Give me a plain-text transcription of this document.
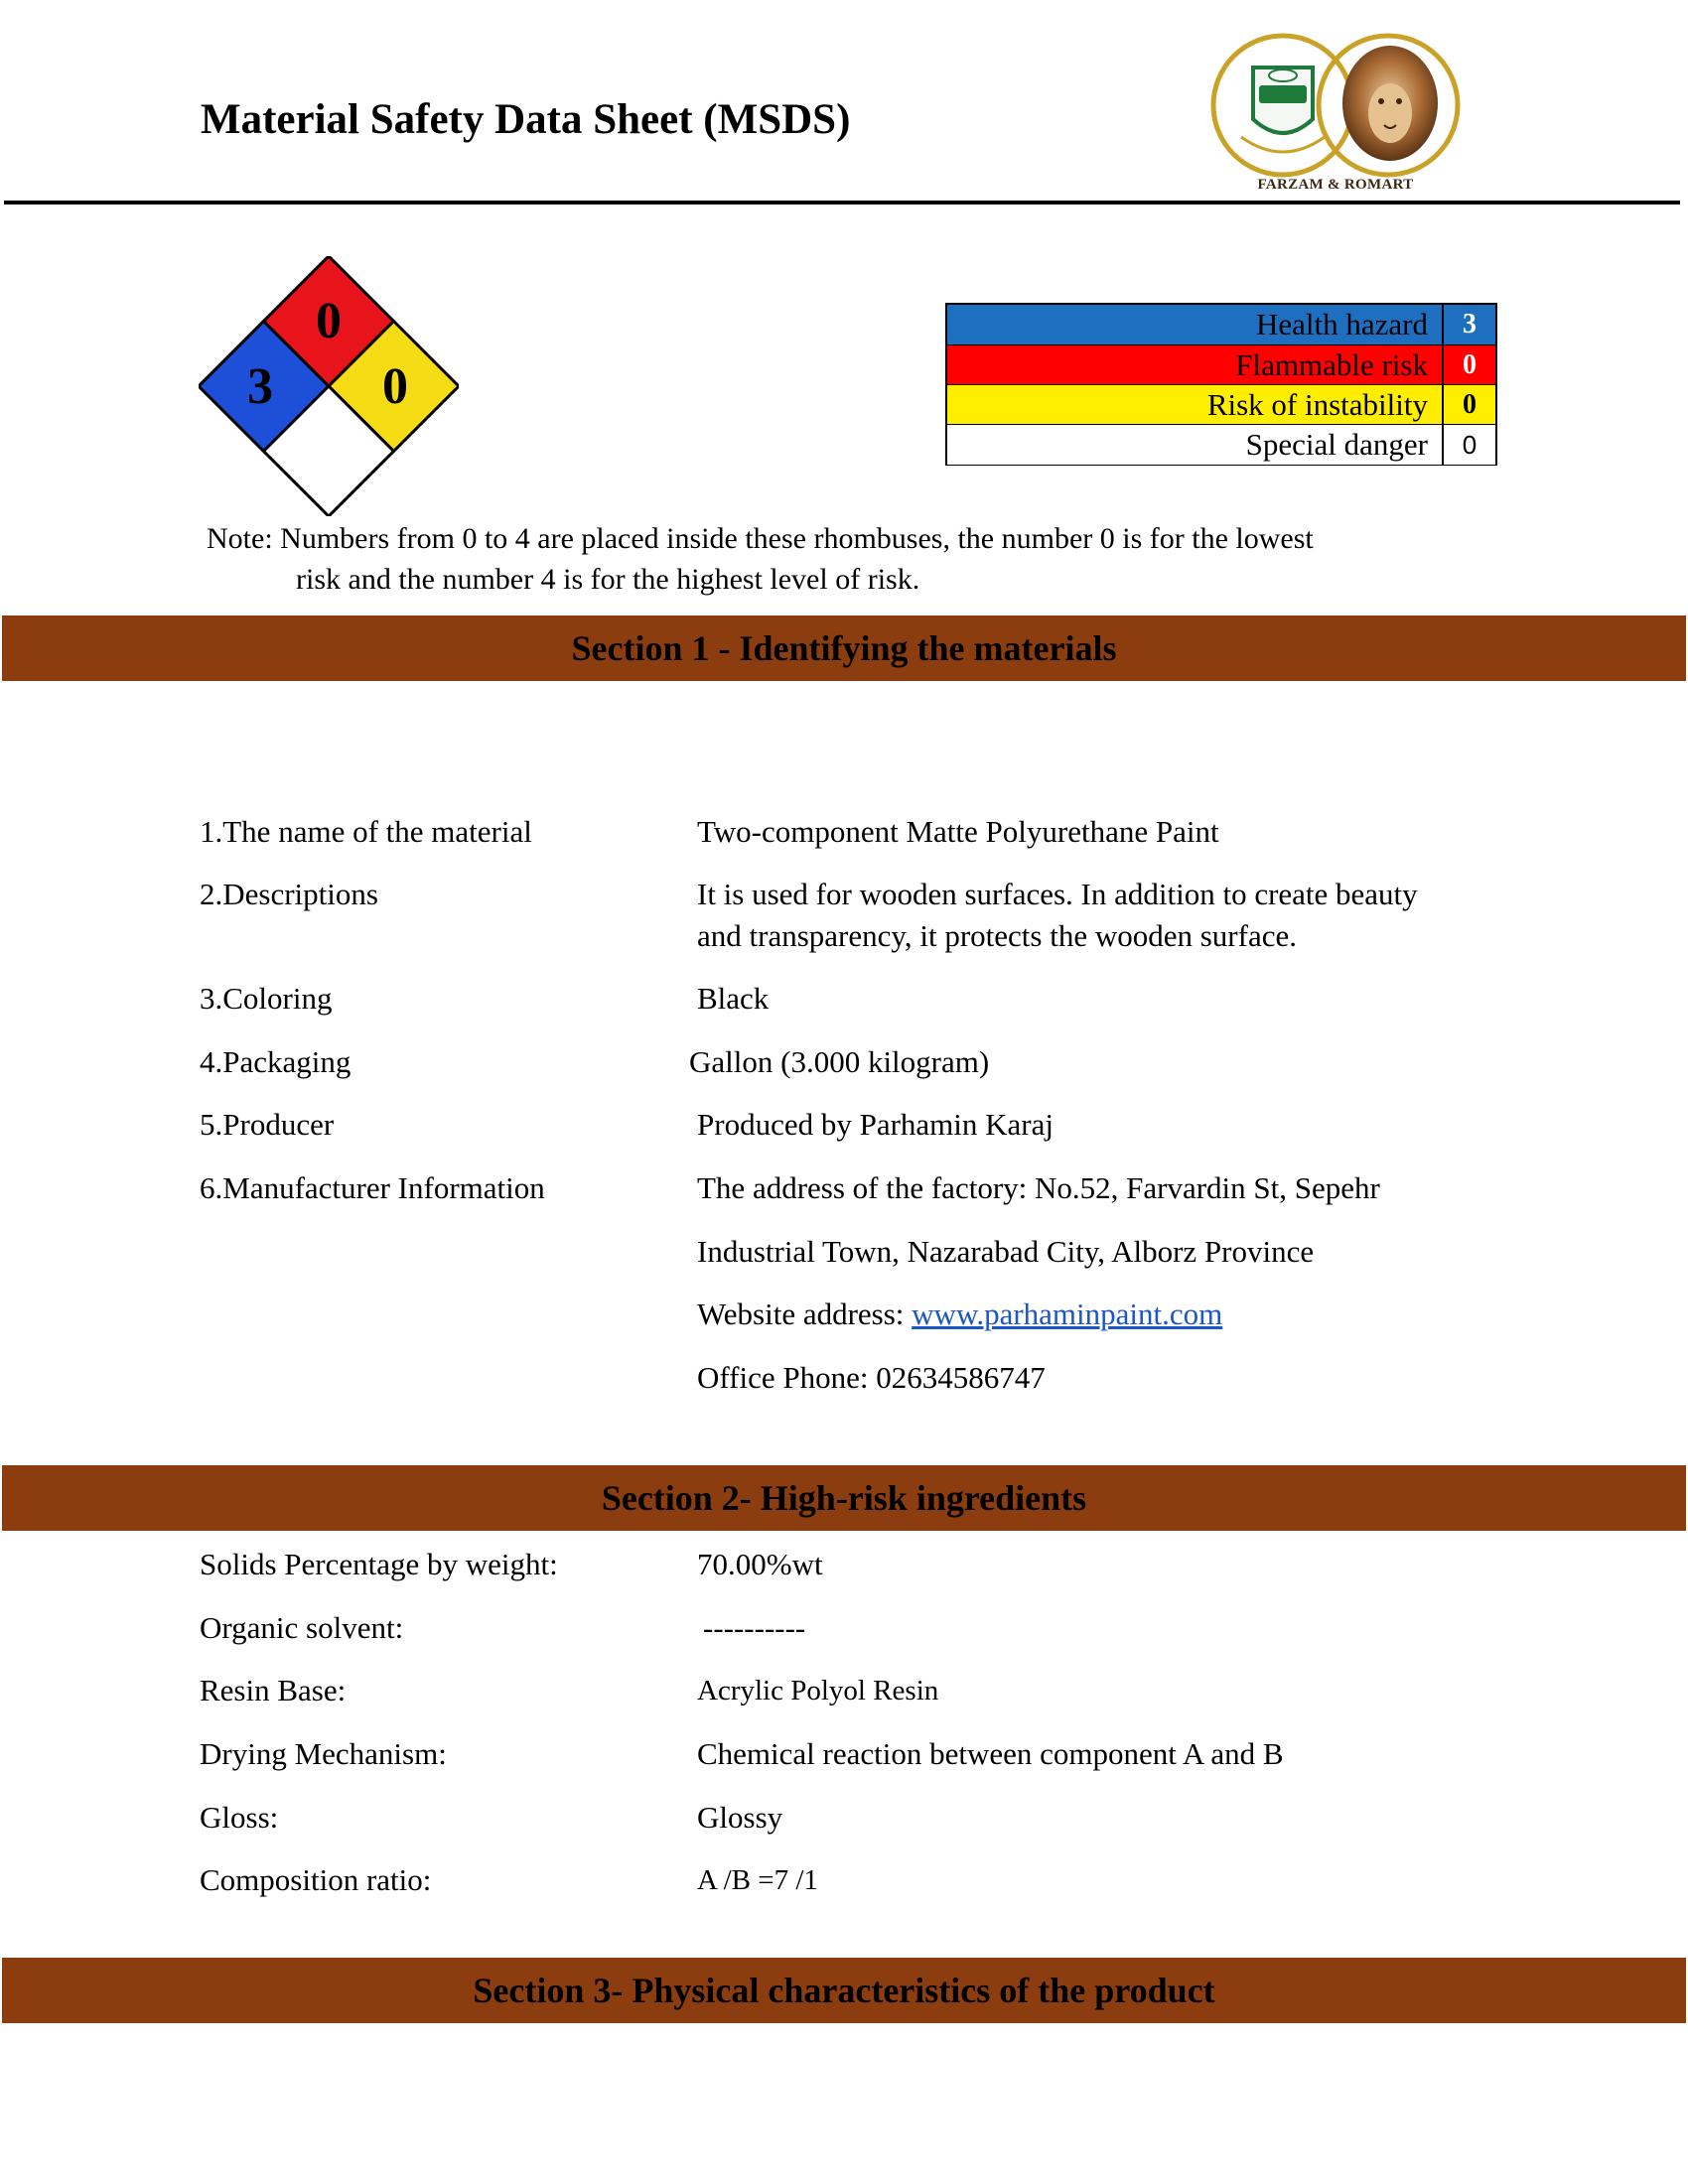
Material Safety Data Sheet (MSDS)
FARZAM & ROMART
0
3 0
Health hazard	3
Flammable risk	0
Risk of instability	0
Special danger	0
Note: Numbers from 0 to 4 are placed inside these rhombuses, the number 0 is for the lowest
risk and the number 4 is for the highest level of risk.
Section 1 - Identifying the materials
1.The name of the material	Two-component Matte Polyurethane Paint
2.Descriptions	It is used for wooden surfaces. In addition to create beauty
and transparency, it protects the wooden surface.
3.Coloring	Black
4.Packaging	Gallon (3.000 kilogram)
5.Producer	Produced by Parhamin Karaj
6.Manufacturer Information	The address of the factory: No.52, Farvardin St, Sepehr
Industrial Town, Nazarabad City, Alborz Province
Website address: www.parhaminpaint.com
Office Phone: 02634586747
Section 2- High-risk ingredients
Solids Percentage by weight:	70.00%wt
Organic solvent:	----------
Resin Base:	Acrylic Polyol Resin
Drying Mechanism:	Chemical reaction between component A and B
Gloss:	Glossy
Composition ratio:	A /B =7 /1
Section 3- Physical characteristics of the product
